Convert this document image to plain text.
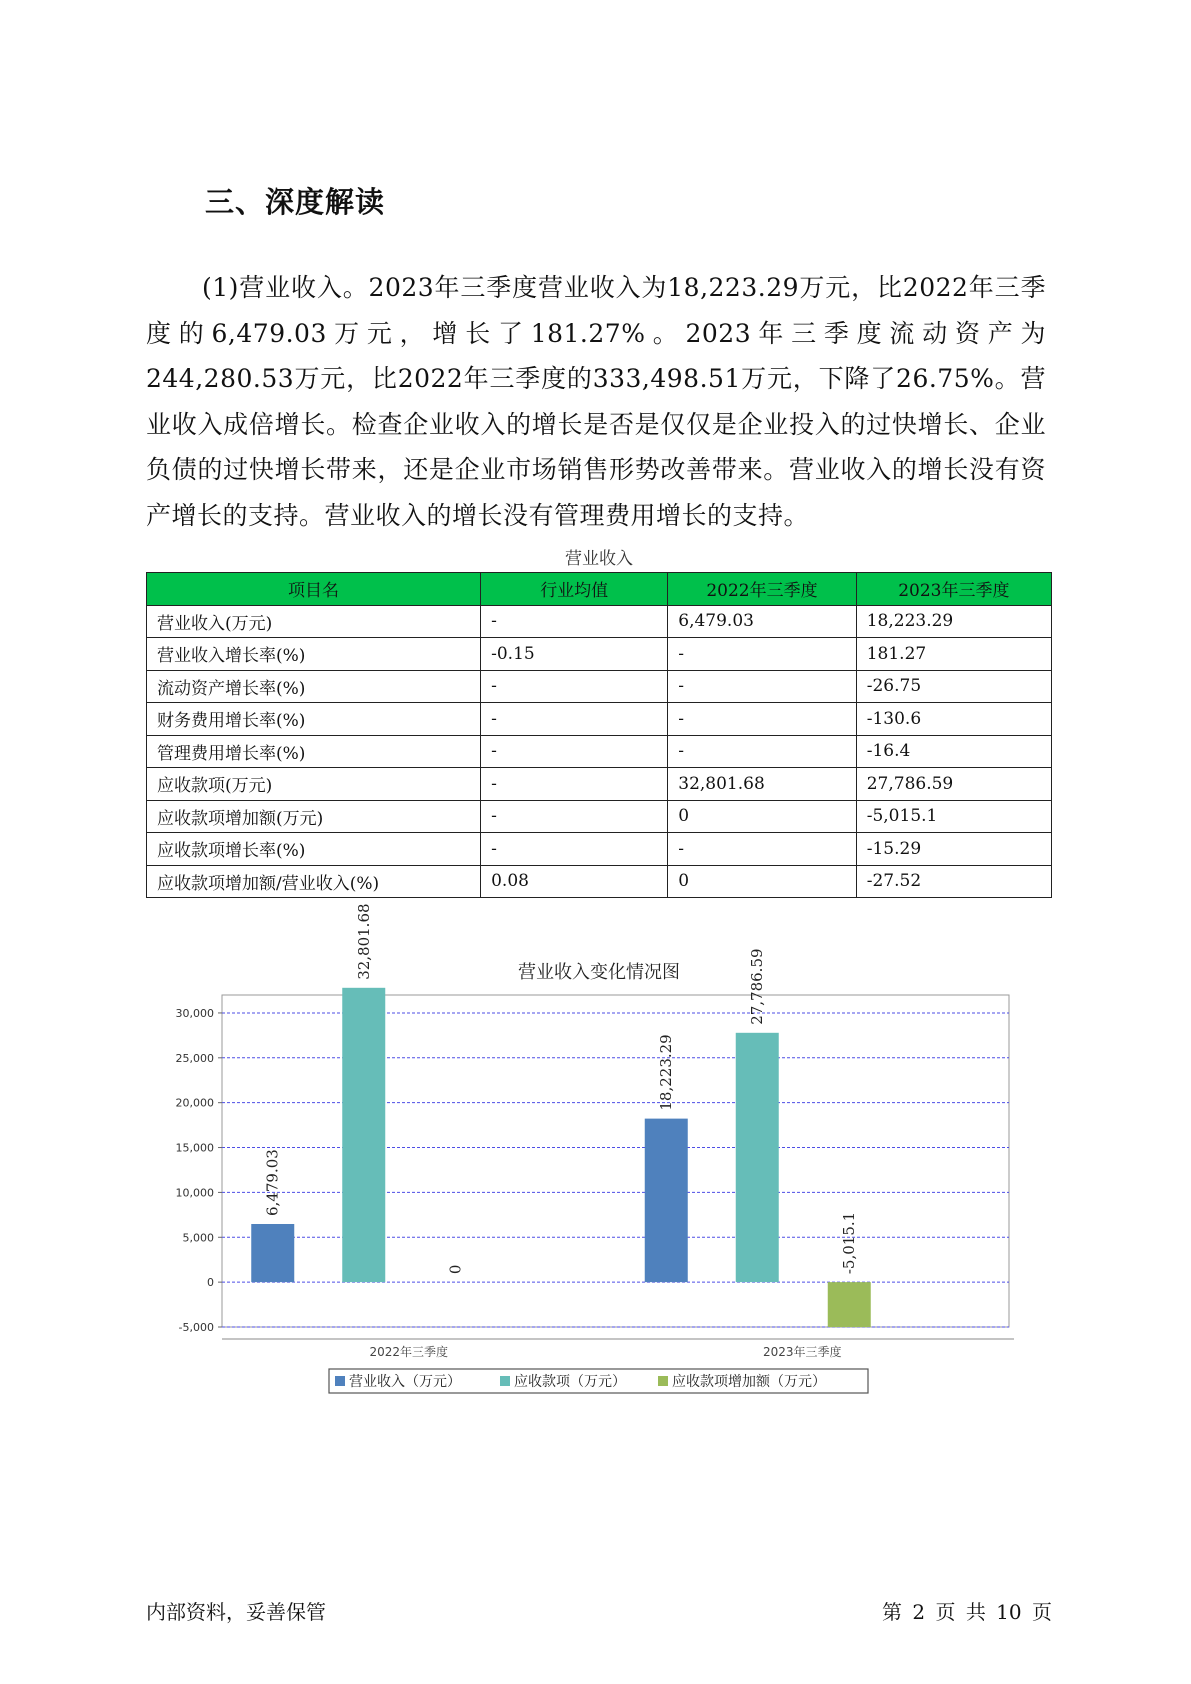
三、深度解读

(1)营业收入。2023年三季度营业收入为18,223.29万元，比2022年三季度的6,479.03万元，增长了181.27%。2023年三季度流动资产为244,280.53万元，比2022年三季度的333,498.51万元，下降了26.75%。营业收入成倍增长。检查企业收入的增长是否是仅仅是企业投入的过快增长、企业负债的过快增长带来，还是企业市场销售形势改善带来。营业收入的增长没有资产增长的支持。营业收入的增长没有管理费用增长的支持。

营业收入
项目名	行业均值	2022年三季度	2023年三季度
营业收入(万元)	-	6,479.03	18,223.29
营业收入增长率(%)	-0.15	-	181.27
流动资产增长率(%)	-	-	-26.75
财务费用增长率(%)	-	-	-130.6
管理费用增长率(%)	-	-	-16.4
应收款项(万元)	-	32,801.68	27,786.59
应收款项增加额(万元)	-	0	-5,015.1
应收款项增长率(%)	-	-	-15.29
应收款项增加额/营业收入(%)	0.08	0	-27.52
营业收入变化情况图
-5,000
0
5,000
10,000
15,000
20,000
25,000
30,000
2022年三季度
6,479.03
32,801.68
0
2023年三季度
18,223.29
27,786.59
-5,015.1
营业收入（万元）	应收款项（万元）	应收款项增加额（万元）
内部资料，妥善保管	第 2 页 共 10 页
